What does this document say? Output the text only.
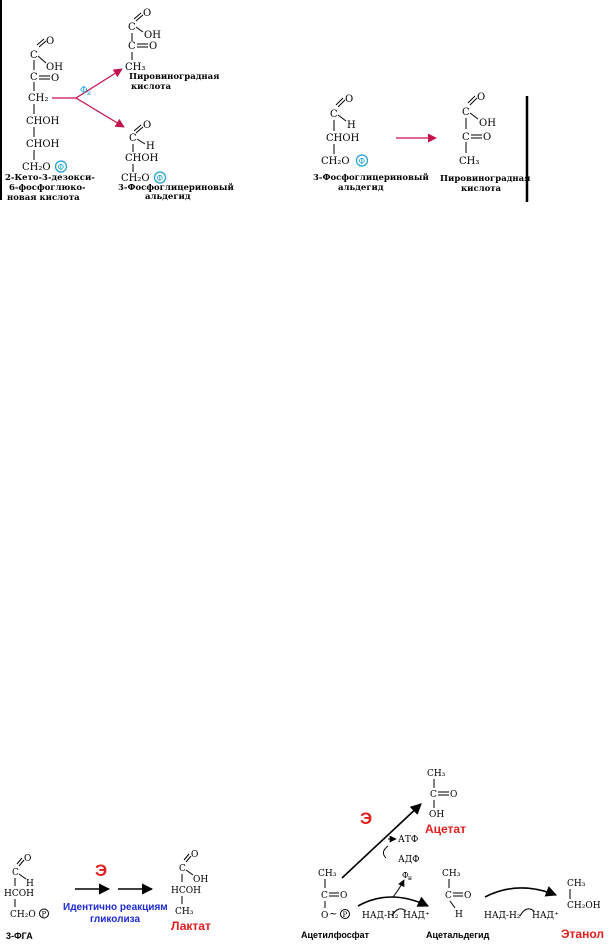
O
C
OH
C O
CH₂
CHOH
CHOH
CH₂O Ф
2-Кето-3-дезокси-
6-фосфоглюко-
новая кислота
Ф н
C
O
OH
C O
CH₃
Пировиноградная
кислота
C
O
H
CHOH
CH₂O Ф
3-Фосфоглицериновый
альдегид
O
C
H
CHOH
CH₂O Ф
3-Фосфоглицериновый
альдегид
O
C
OH
C O
CH₃
Пировиноградная
кислота
O
C
H
HCOH
CH₂O P
3-ФГА
Э
Идентично реакциям
гликолиза
O
C
OH
HCOH
CH₃
Лактат
CH₃
C O
OH
Э
Ацетат
АТФ
АДФ
CH₃
C O
O ~ P
Ацетилфосфат
Ф н
НАД-Н₂ НАД⁺
CH₃
C O
H
Ацетальдегид
НАД-Н₂ НАД⁺
CH₃
CH₂OH
Этанол
